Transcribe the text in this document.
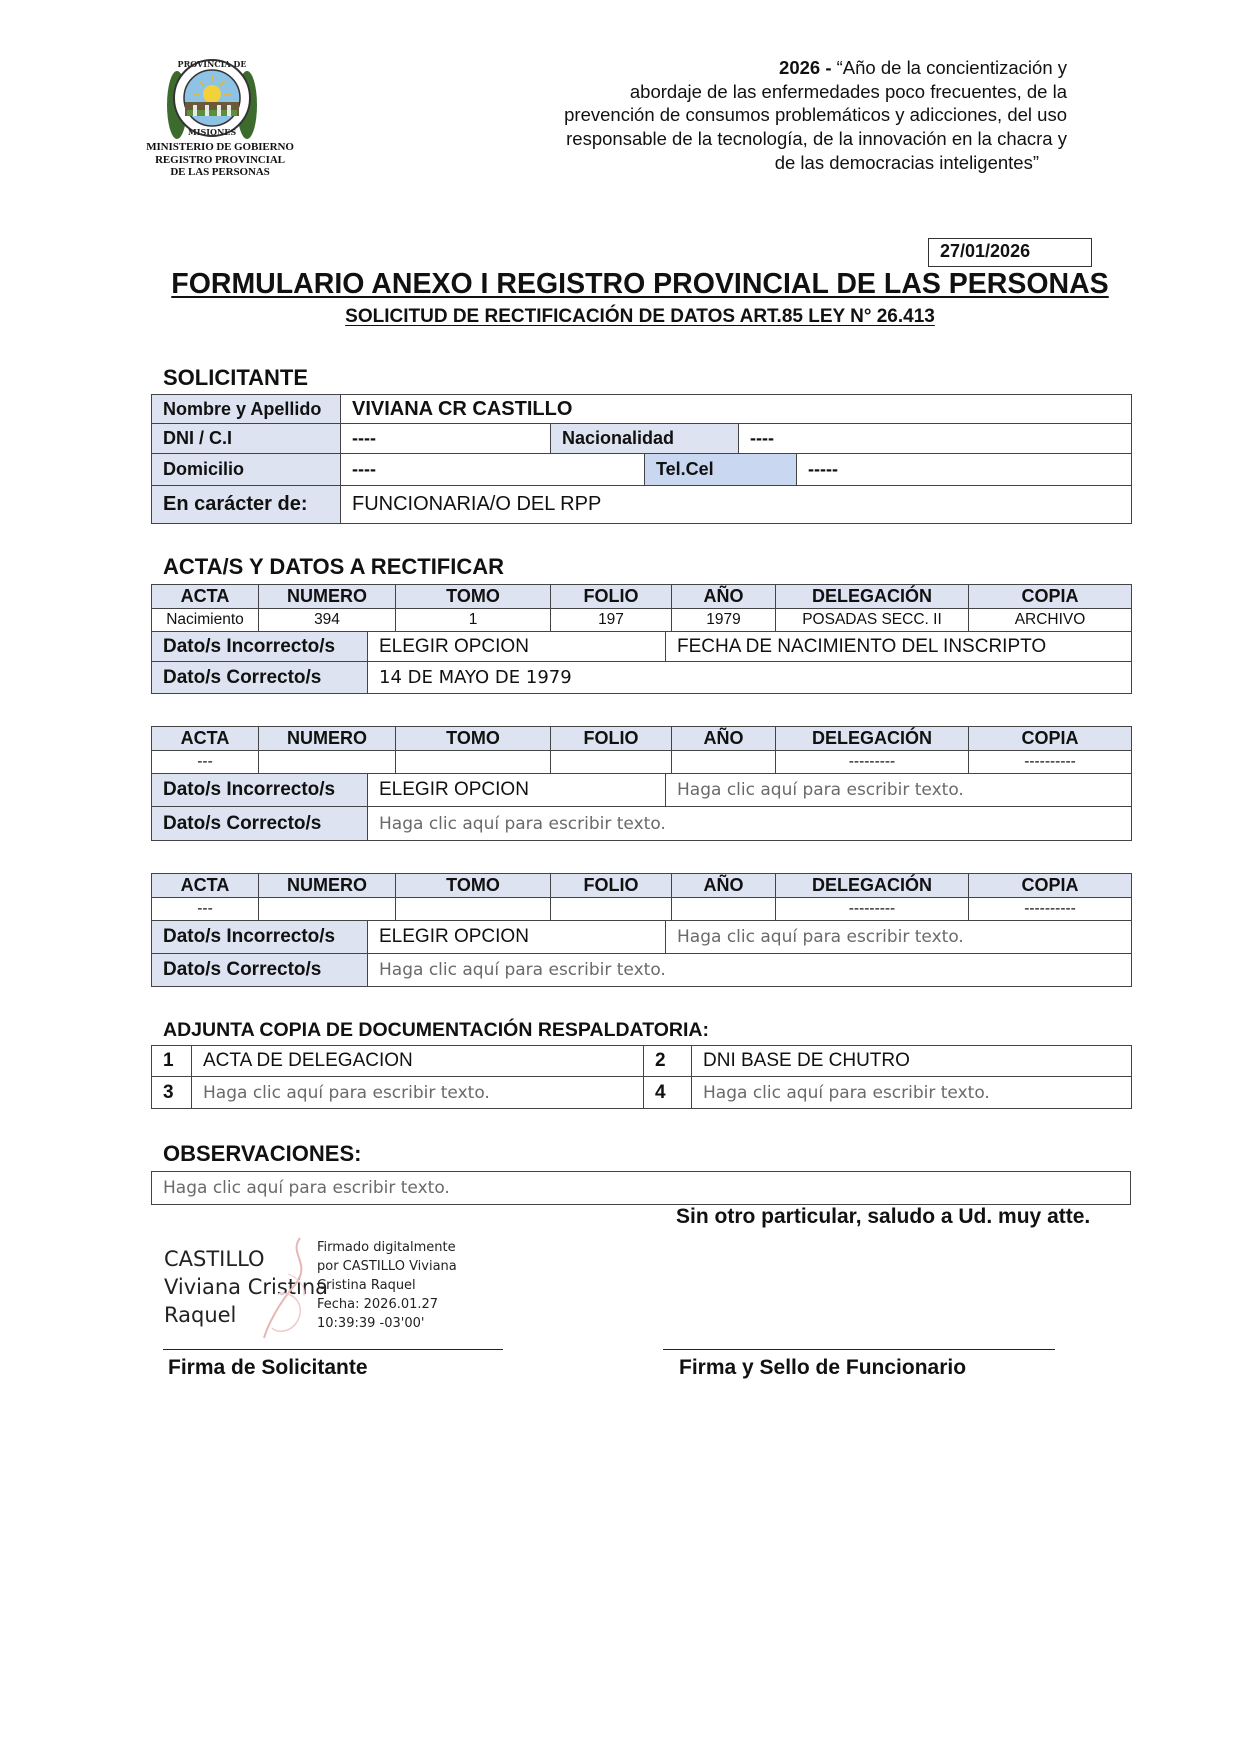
PROVINCIA DE
MISIONES
MINISTERIO DE GOBIERNO
REGISTRO PROVINCIAL
DE LAS PERSONAS
2026 - “Año de la concientización y
abordaje de las enfermedades poco frecuentes, de la
prevención de consumos problemáticos y adicciones, del uso
responsable de la tecnología, de la innovación en la chacra y
de las democracias inteligentes”
27/01/2026
FORMULARIO ANEXO I REGISTRO PROVINCIAL DE LAS PERSONAS
SOLICITUD DE RECTIFICACIÓN DE DATOS ART.85 LEY N° 26.413
SOLICITANTE
Nombre y Apellido	VIVIANA CR CASTILLO				
DNI / C.I	----	Nacionalidad		----	
Domicilio	----		Tel.Cel		-----
En carácter de:	FUNCIONARIA/O DEL RPP				
ACTA/S Y DATOS A RECTIFICAR
ACTA	NUMERO	TOMO	FOLIO	AÑO	DELEGACIÓN	COPIA
Nacimiento	394	1	197	1979	POSADAS SECC. II	ARCHIVO
Dato/s Incorrecto/s	ELEGIR OPCION	FECHA DE NACIMIENTO DEL INSCRIPTO
Dato/s Correcto/s	14 DE MAYO DE 1979	
ACTA	NUMERO	TOMO	FOLIO	AÑO	DELEGACIÓN	COPIA
---					---------	----------
Dato/s Incorrecto/s	ELEGIR OPCION	Haga clic aquí para escribir texto.
Dato/s Correcto/s	Haga clic aquí para escribir texto.	
ACTA	NUMERO	TOMO	FOLIO	AÑO	DELEGACIÓN	COPIA
---					---------	----------
Dato/s Incorrecto/s	ELEGIR OPCION	Haga clic aquí para escribir texto.
Dato/s Correcto/s	Haga clic aquí para escribir texto.	
ADJUNTA COPIA DE DOCUMENTACIÓN RESPALDATORIA:
1	ACTA DE DELEGACION	2	DNI BASE DE CHUTRO
3	Haga clic aquí para escribir texto.	4	Haga clic aquí para escribir texto.
OBSERVACIONES:
Haga clic aquí para escribir texto.
Sin otro particular, saludo a Ud. muy atte.
CASTILLO
Viviana Cristina
Raquel
Firmado digitalmente
por CASTILLO Viviana
Cristina Raquel
Fecha: 2026.01.27
10:39:39 -03'00'
Firma de Solicitante	Firma y Sello de Funcionario
